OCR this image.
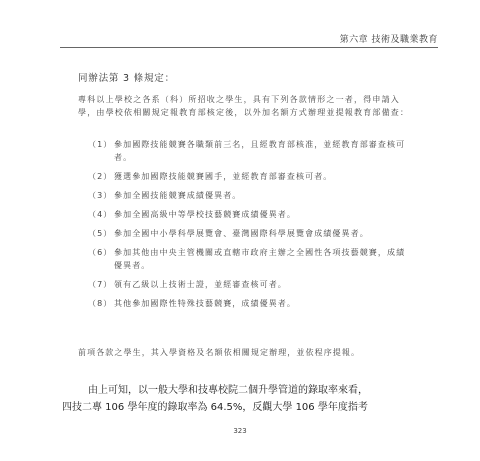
第六章 技術及職業教育
同辦法第 3 條規定：
專科以上學校之各系（科）所招收之學生，具有下列各款情形之一者，得申請入學，由學校依相關規定報教育部核定後，以外加名額方式辦理並提報教育部備查：
（1） 參加國際技能競賽各職類前三名，且經教育部核准，並經教育部審查核可者。
（2） 獲選參加國際技能競賽國手，並經教育部審查核可者。
（3） 參加全國技能競賽成績優異者。
（4） 參加全國高級中等學校技藝競賽成績優異者。
（5） 參加全國中小學科學展覽會、臺灣國際科學展覽會成績優異者。
（6） 參加其他由中央主管機關或直轄市政府主辦之全國性各項技藝競賽，成績優異者。
（7） 領有乙級以上技術士證，並經審查核可者。
（8） 其他參加國際性特殊技藝競賽，成績優異者。
前項各款之學生，其入學資格及名額依相關規定辦理，並依程序提報。
由上可知，以一般大學和技專校院二個升學管道的錄取率來看，
四技二專 106 學年度的錄取率為 64.5%，反觀大學 106 學年度指考
323
